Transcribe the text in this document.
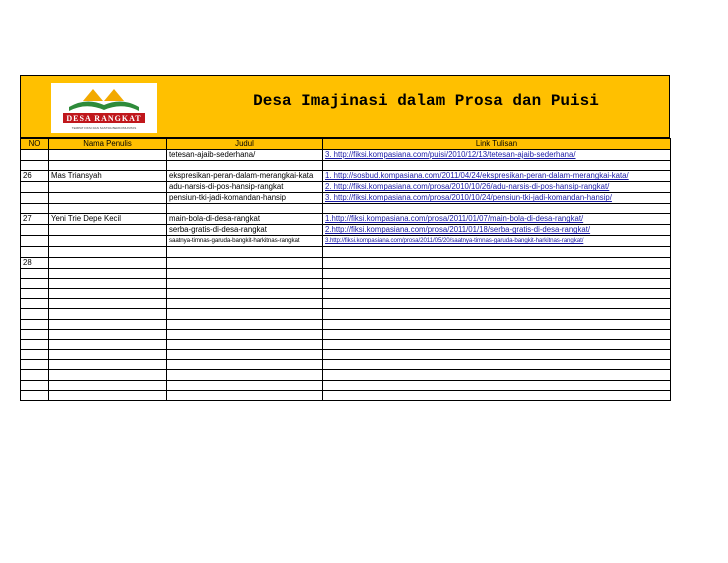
DESA RANGKAT
TEMPAT FIKSI DAN SASTRA BERKOMUNITAS
Desa Imajinasi dalam Prosa dan Puisi
NO	Nama Penulis	Judul	Link Tulisan
		tetesan-ajaib-sederhana/	3. http://fiksi.kompasiana.com/puisi/2010/12/13/tetesan-ajaib-sederhana/

26	Mas Triansyah	ekspresikan-peran-dalam-merangkai-kata	1. http://sosbud.kompasiana.com/2011/04/24/ekspresikan-peran-dalam-merangkai-kata/
		adu-narsis-di-pos-hansip-rangkat	2. http://fiksi.kompasiana.com/prosa/2010/10/26/adu-narsis-di-pos-hansip-rangkat/
		pensiun-tki-jadi-komandan-hansip	3. http://fiksi.kompasiana.com/prosa/2010/10/24/pensiun-tki-jadi-komandan-hansip/

27	Yeni Trie Depe Kecil	main-bola-di-desa-rangkat	1.http://fiksi.kompasiana.com/prosa/2011/01/07/main-bola-di-desa-rangkat/
		serba-gratis-di-desa-rangkat	2.http://fiksi.kompasiana.com/prosa/2011/01/18/serba-gratis-di-desa-rangkat/
		saatnya-timnas-garuda-bangkit-harkitnas-rangkat	3.http://fiksi.kompasiana.com/prosa/2011/05/20/saatnya-timnas-garuda-bangkit-harkitnas-rangkat/

28			
